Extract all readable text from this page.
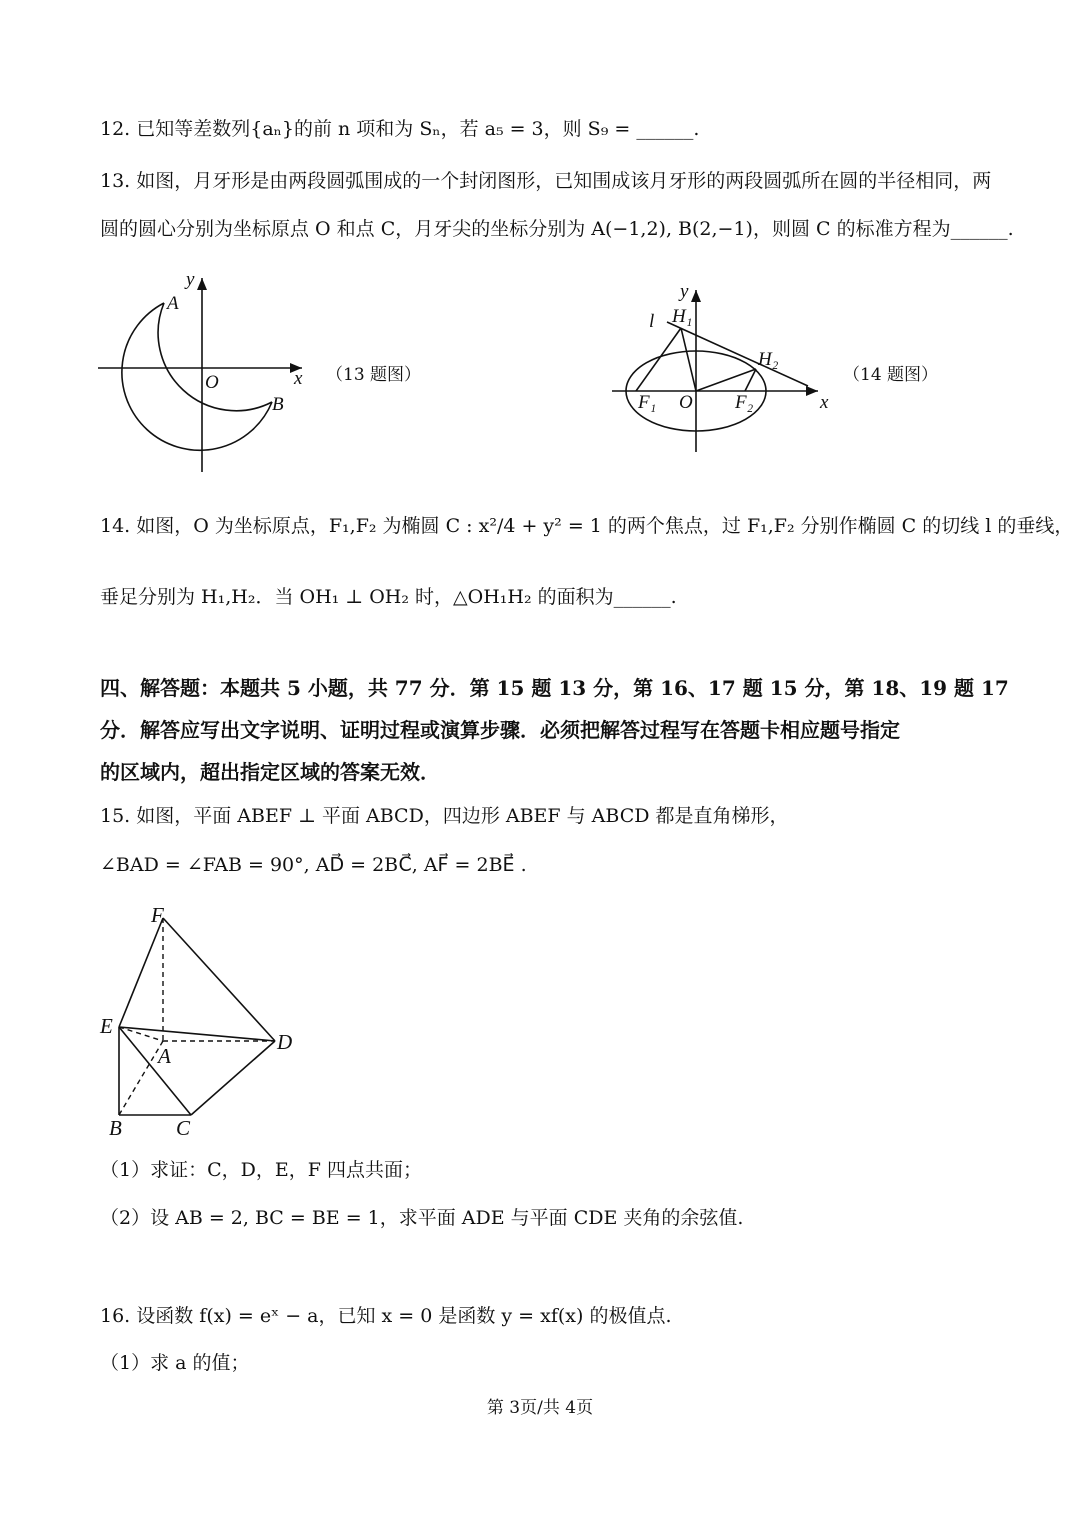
12. 已知等差数列{aₙ}的前 n 项和为 Sₙ，若 a₅ = 3，则 S₉ = ______.
13. 如图，月牙形是由两段圆弧围成的一个封闭图形，已知围成该月牙形的两段圆弧所在圆的半径相同，两
圆的圆心分别为坐标原点 O 和点 C，月牙尖的坐标分别为 A(−1,2), B(2,−1)，则圆 C 的标准方程为______.
y
x
O
A
B
（13 题图）
y
x
l H₁
H₂
F₁ O F₂
（14 题图）
14. 如图，O 为坐标原点，F₁,F₂ 为椭圆 C : x²/4 + y² = 1 的两个焦点，过 F₁,F₂ 分别作椭圆 C 的切线 l 的垂线，
垂足分别为 H₁,H₂．当 OH₁ ⊥ OH₂ 时，△OH₁H₂ 的面积为______.
四、解答题：本题共 5 小题，共 77 分．第 15 题 13 分，第 16、17 题 15 分，第 18、19 题 17
分．解答应写出文字说明、证明过程或演算步骤．必须把解答过程写在答题卡相应题号指定
的区域内，超出指定区域的答案无效．
15. 如图，平面 ABEF ⊥ 平面 ABCD，四边形 ABEF 与 ABCD 都是直角梯形，
∠BAD = ∠FAB = 90°, AD⃗ = 2BC⃗, AF⃗ = 2BE⃗ .
F
E
A
D
B	C
（1）求证：C，D，E，F 四点共面；
（2）设 AB = 2, BC = BE = 1，求平面 ADE 与平面 CDE 夹角的余弦值.
16. 设函数 f(x) = eˣ − a，已知 x = 0 是函数 y = xf(x) 的极值点.
（1）求 a 的值；
第 3页/共 4页
